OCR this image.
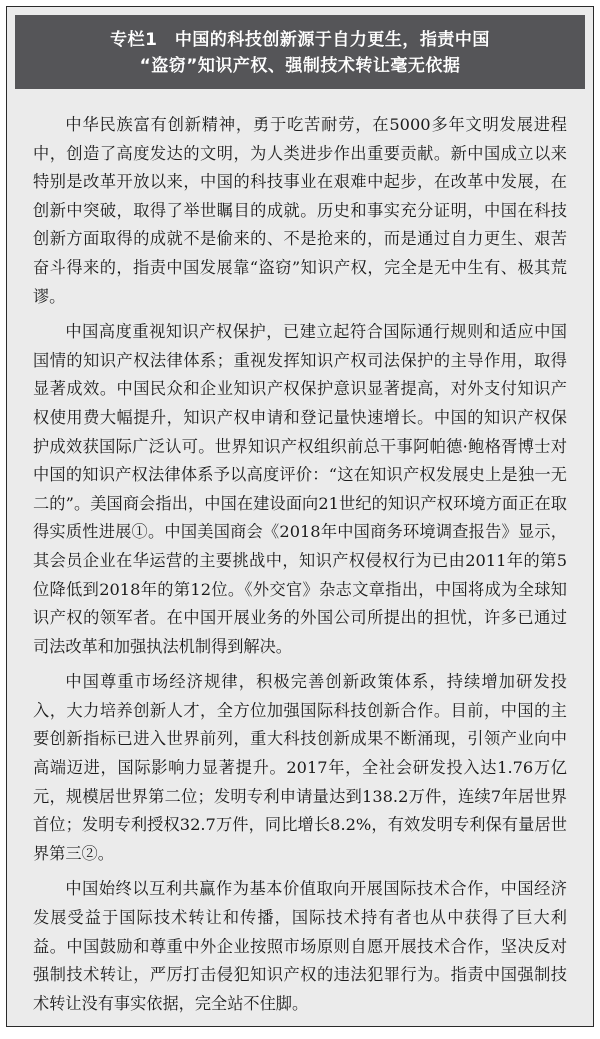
专栏1　中国的科技创新源于自力更生，指责中国
“盗窃”知识产权、强制技术转让毫无依据

中华民族富有创新精神，勇于吃苦耐劳，在5000多年文明发展进程中，创造了高度发达的文明，为人类进步作出重要贡献。新中国成立以来特别是改革开放以来，中国的科技事业在艰难中起步，在改革中发展，在创新中突破，取得了举世瞩目的成就。历史和事实充分证明，中国在科技创新方面取得的成就不是偷来的、不是抢来的，而是通过自力更生、艰苦奋斗得来的，指责中国发展靠“盗窃”知识产权，完全是无中生有、极其荒谬。

中国高度重视知识产权保护，已建立起符合国际通行规则和适应中国国情的知识产权法律体系；重视发挥知识产权司法保护的主导作用，取得显著成效。中国民众和企业知识产权保护意识显著提高，对外支付知识产权使用费大幅提升，知识产权申请和登记量快速增长。中国的知识产权保护成效获国际广泛认可。世界知识产权组织前总干事阿帕德·鲍格胥博士对中国的知识产权法律体系予以高度评价：“这在知识产权发展史上是独一无二的”。美国商会指出，中国在建设面向21世纪的知识产权环境方面正在取得实质性进展①。中国美国商会《2018年中国商务环境调查报告》显示，其会员企业在华运营的主要挑战中，知识产权侵权行为已由2011年的第5位降低到2018年的第12位。《外交官》杂志文章指出，中国将成为全球知识产权的领军者。在中国开展业务的外国公司所提出的担忧，许多已通过司法改革和加强执法机制得到解决。

中国尊重市场经济规律，积极完善创新政策体系，持续增加研发投入，大力培养创新人才，全方位加强国际科技创新合作。目前，中国的主要创新指标已进入世界前列，重大科技创新成果不断涌现，引领产业向中高端迈进，国际影响力显著提升。2017年，全社会研发投入达1.76万亿元，规模居世界第二位；发明专利申请量达到138.2万件，连续7年居世界首位；发明专利授权32.7万件，同比增长8.2%，有效发明专利保有量居世界第三②。

中国始终以互利共赢作为基本价值取向开展国际技术合作，中国经济发展受益于国际技术转让和传播，国际技术持有者也从中获得了巨大利益。中国鼓励和尊重中外企业按照市场原则自愿开展技术合作，坚决反对强制技术转让，严厉打击侵犯知识产权的违法犯罪行为。指责中国强制技术转让没有事实依据，完全站不住脚。
